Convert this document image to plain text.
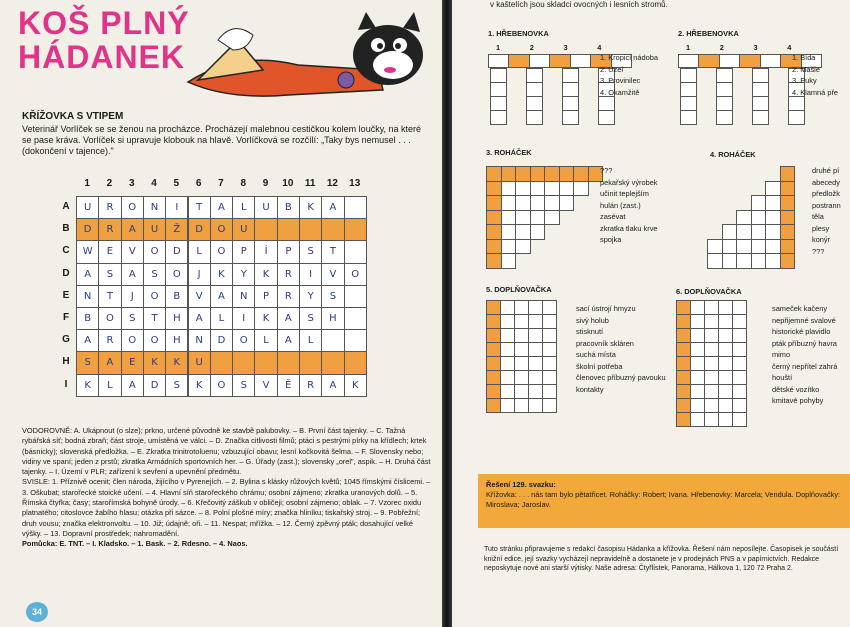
KOŠ PLNÝ
HÁDANEK
KŘÍŽOVKA S VTIPEM
Veterinář Vorlíček se se ženou na procházce. Procházejí malebnou cestičkou kolem loučky, na které se pase kráva. Vorlíček si upravuje klobouk na hlavě. Vorlíčková se rozčílí: „Taky bys nemusel . . . (dokončení v tajence)."
1	2	3	4	5	6	7	8	9	10	11	12	13
A	U	R	O	N	I	T	A	L	U	B	K	A
B	D	R	A	U	Ž	D	O	U
C	W	E	V	O	D	L	O	P	Í	P	S	T
D	A	S	A	S	O	J	K	Y	K	R	I	V	O
E	N	T	J	O	B	V	A	N	P	R	Y	S
F	B	O	S	T	H	A	L	I	K	A	S	H
G	A	R	O	O	H	N	D	O	L	A	L
H	S	A	E	K	K	U
I	K	L	A	D	S	K	O	S	V	Ě	R	A	K
VODOROVNĚ: A. Ukápnout (o slze); prkno, určené původně ke stavbě palubovky. – B. První část tajenky. – C. Tažná rybářská síť; bodná zbraň; část stroje, umístěná ve válci. – D. Značka citlivosti filmů; ptáci s pestrými pírky na křídlech; krtek (básnicky); slovenská předložka. – E. Zkratka trinitrotoluenu; vzbuzující obavu; lesní kočkovitá šelma. – F. Slovensky nebo; vidiny ve spaní; jeden z prstů; zkratka Armádních sportovních her. – G. Úřady (zast.); slovensky „orel", aspik. – H. Druhá část tajenky. – I. Území v PLR; zařízení k sevření a upevnění předmětu.
SVISLE: 1. Příznivě ocenit; člen národa, žijícího v Pyrenejích. – 2. Bylina s klásky růžových květů; 1045 římskými číslicemi. – 3. Oškubat; starořecké stoické učení. – 4. Hlavní síň starořeckého chrámu; osobní zájmeno; zkratka uranových dolů. – 5. Římská čtyřka; časy; starořímská bohyně úrody. – 6. Křečovitý záškub v obličeji; osobní zájmeno; oblak. – 7. Vzorec oxidu platnatého; citoslovce žabího hlasu; otázka při sázce. – 8. Polní plošné míry; značka hliníku; tiskařský stroj. – 9. Pobřežní; druh vousu; značka elektronvoltu. – 10. Již; údajně; oři. – 11. Nespat; mřížka. – 12. Černý zpěvný pták; dosahující velké výšky. – 13. Dopravní prostředek; nahromadění.
Pomůcka: E. TNT. – I. Kladsko. – 1. Bask. – 2. Rdesno. – 4. Naos.
34
v kaštelích jsou skladci ovocných i lesních stromů.
1. HŘEBENOVKA
1	2	3	4
1. Kropicí nádoba
2. Uzel
3. Provinilec
4. Okamžitě
2. HŘEBENOVKA
1	2	3	4
1. Bída
2. Mašle
3. Puky
4. Klamná pře
3. ROHÁČEK
???
pekařský výrobek
učinit teplejším
hulán (zast.)
zasévat
zkratka tlaku krve
spojka
4. ROHÁČEK
druhé pí
abecedy
předložk
postrann
těla
plesy
konýr
???
5. DOPLŇOVAČKA
sací ústrojí hmyzu
sivý holub
stisknutí
pracovník skláren
suchá místa
školní potřeba
členovec příbuzný pavouku
kontakty
6. DOPLŇOVAČKA
sameček kačeny
nepřijemné svalové
historické plavidlo
pták příbuzný havra
mimo
černý nepřítel zahrá
houští
dětské vozítko
kmitavé pohyby
Řešení 129. svazku:
Křížovka: . . . nás tam bylo pětatřicet. Roháčky: Robert; Ivana. Hřebenovky: Marcela; Vendula. Doplňovačky: Miroslava; Jaroslav.
Tuto stránku připravujeme s redakcí časopisu Hádanka a křížovka. Řešení nám neposílejte. Časopisek je součástí knižní edice, její svazky vycházejí nepravidelně a dostanete je v prodejnách PNS a v papírnictvích. Redakce neposkytuje nové ani starší výtisky. Naše adresa: Čtyřlístek, Panorama, Hálkova 1, 120 72 Praha 2.
